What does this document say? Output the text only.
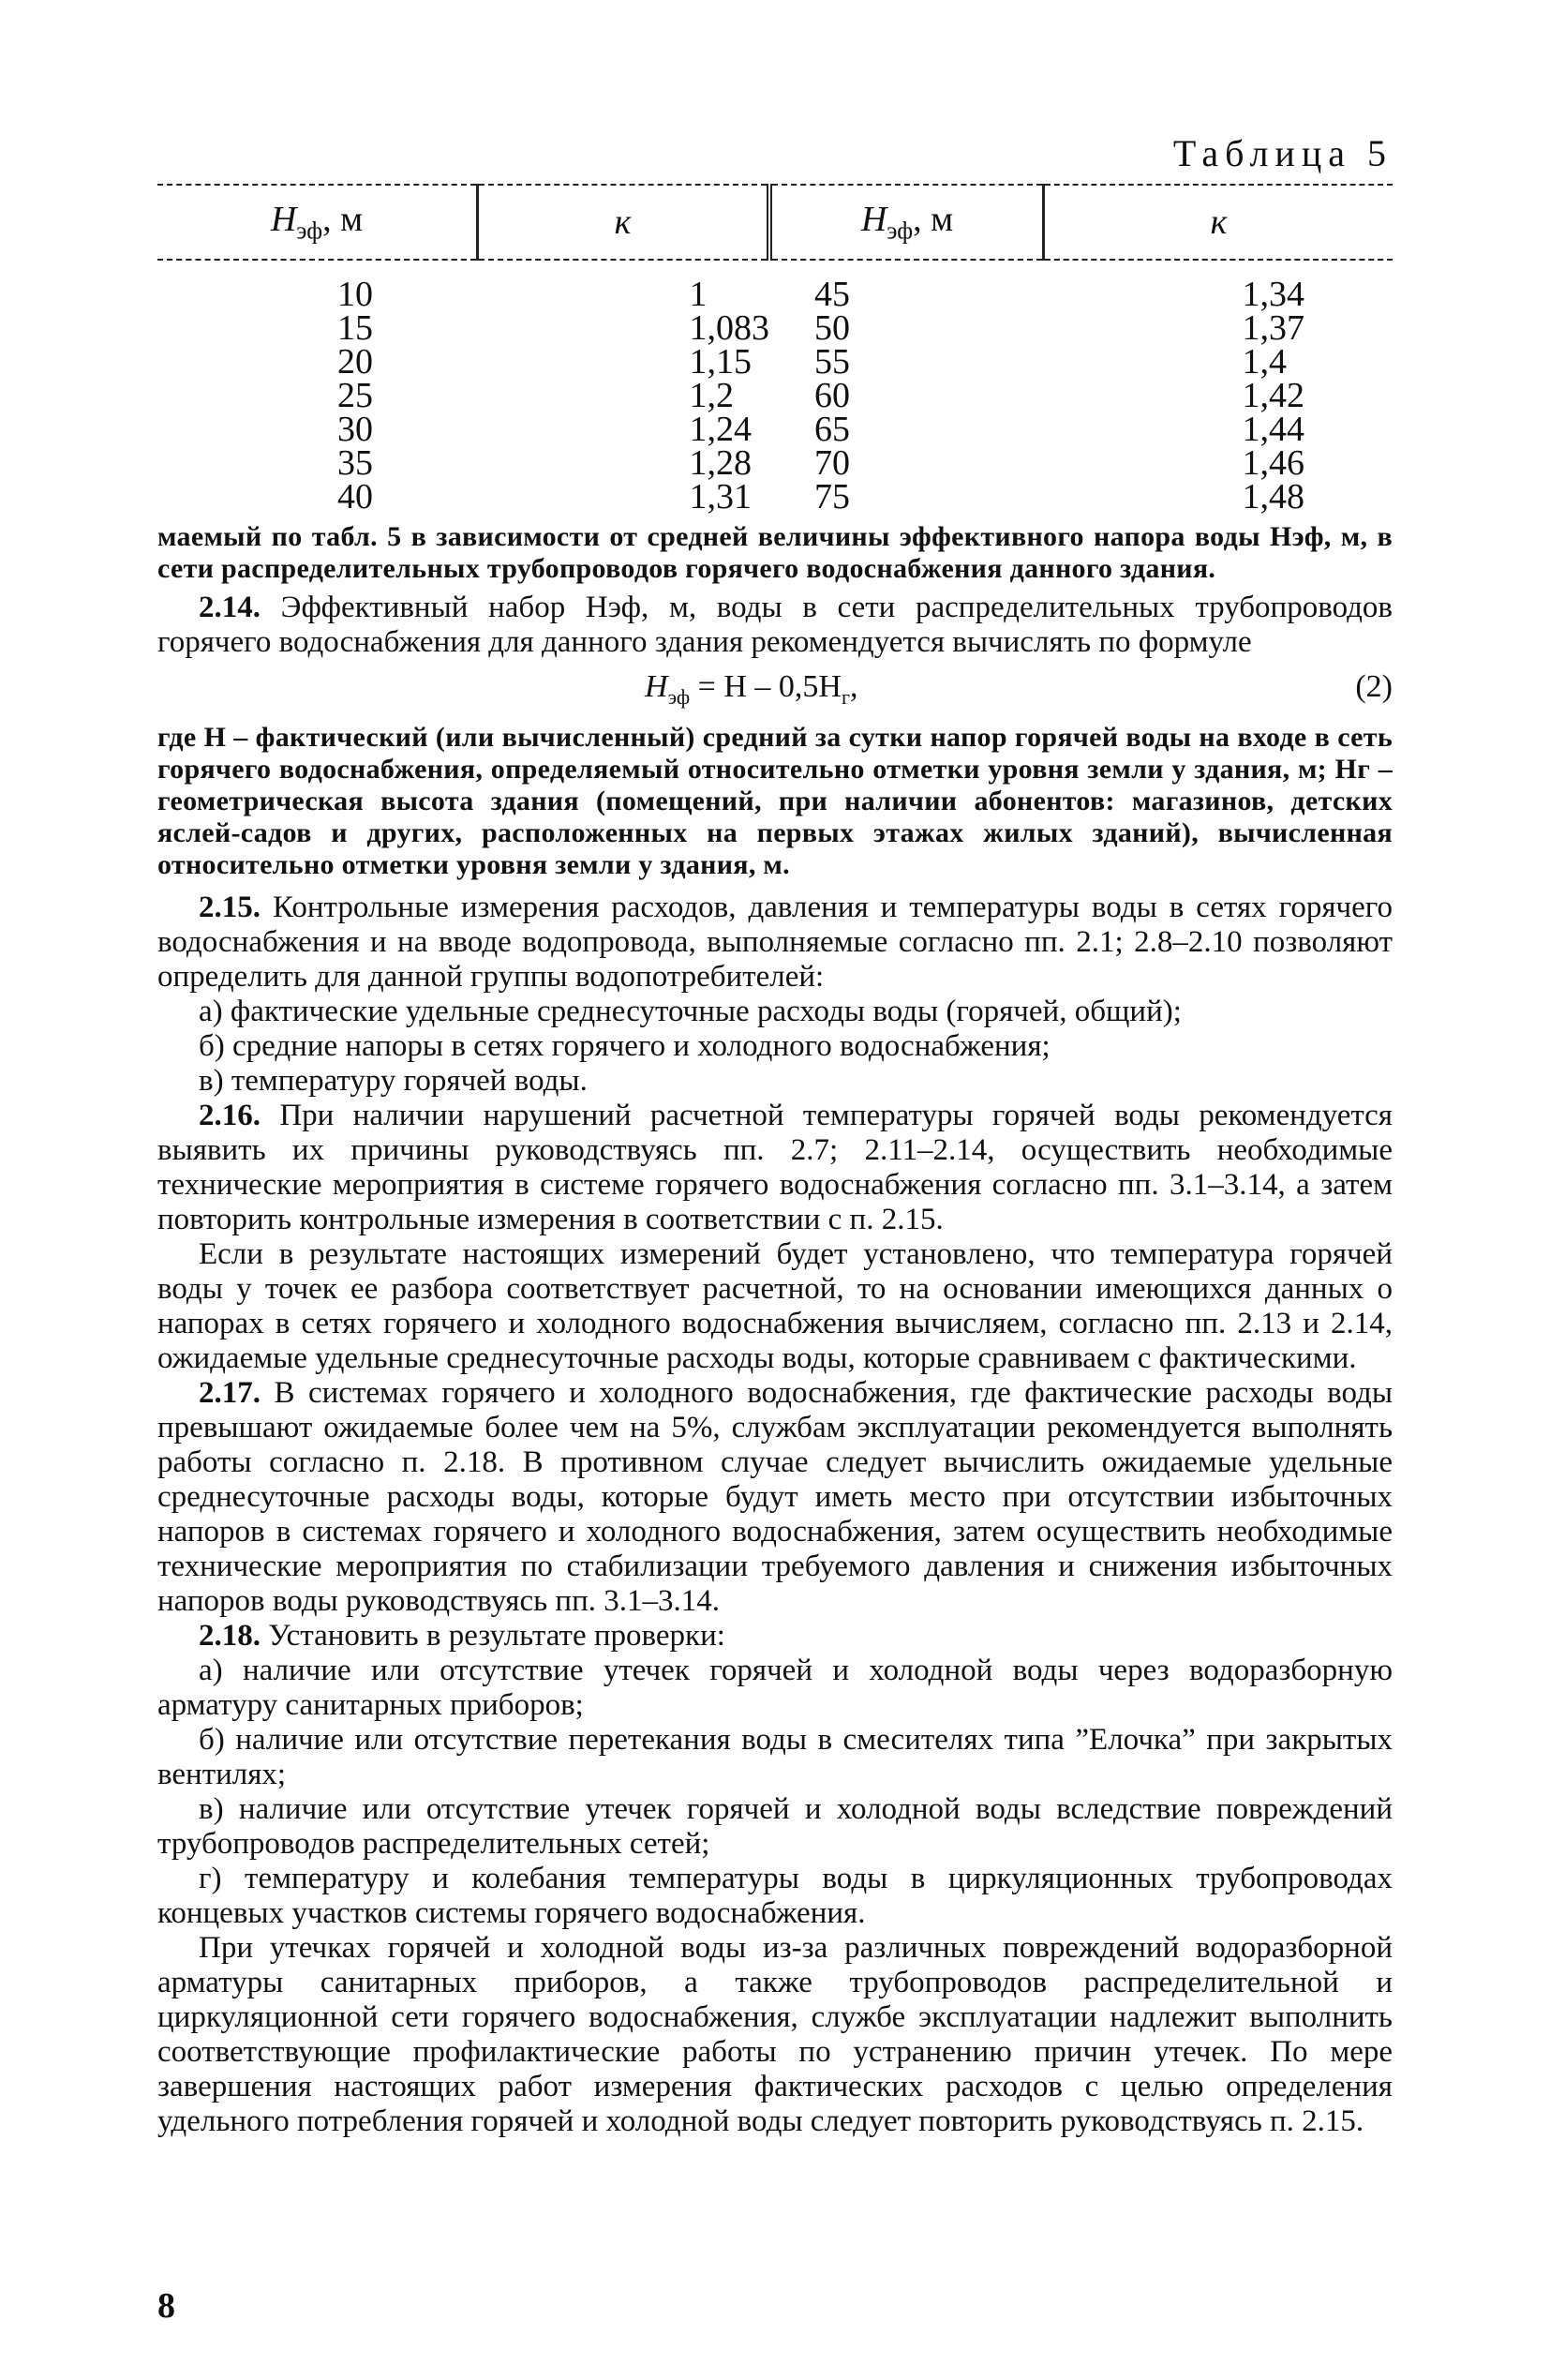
Таблица 5
$H_{эф}$, м	к	$H_{эф}$, м	к
10	1	45	1,34
15	1,083	50	1,37
20	1,15	55	1,4
25	1,2	60	1,42
30	1,24	65	1,44
35	1,28	70	1,46
40	1,31	75	1,48

маемый по табл. 5 в зависимости от средней величины эффективного напора воды Hэф, м, в сети распределительных трубопроводов горячего водоснабжения данного здания.

2.14. Эффективный набор Hэф, м, воды в сети распределительных трубопроводов горячего водоснабжения для данного здания рекомендуется вычислять по формуле

$H_{эф} = H - 0,5H_г$,	(2)

где H – фактический (или вычисленный) средний за сутки напор горячей воды на входе в сеть горячего водоснабжения, определяемый относительно отметки уровня земли у здания, м; Hг – геометрическая высота здания (помещений, при наличии абонентов: магазинов, детских яслей-садов и других, расположенных на первых этажах жилых зданий), вычисленная относительно отметки уровня земли у здания, м.

2.15. Контрольные измерения расходов, давления и температуры воды в сетях горячего водоснабжения и на вводе водопровода, выполняемые согласно пп. 2.1; 2.8–2.10 позволяют определить для данной группы водопотребителей:

а) фактические удельные среднесуточные расходы воды (горячей, общий);

б) средние напоры в сетях горячего и холодного водоснабжения;

в) температуру горячей воды.

2.16. При наличии нарушений расчетной температуры горячей воды рекомендуется выявить их причины руководствуясь пп. 2.7; 2.11–2.14, осуществить необходимые технические мероприятия в системе горячего водоснабжения согласно пп. 3.1–3.14, а затем повторить контрольные измерения в соответствии с п. 2.15.

Если в результате настоящих измерений будет установлено, что температура горячей воды у точек ее разбора соответствует расчетной, то на основании имеющихся данных о напорах в сетях горячего и холодного водоснабжения вычисляем, согласно пп. 2.13 и 2.14, ожидаемые удельные среднесуточные расходы воды, которые сравниваем с фактическими.

2.17. В системах горячего и холодного водоснабжения, где фактические расходы воды превышают ожидаемые более чем на 5%, службам эксплуатации рекомендуется выполнять работы согласно п. 2.18. В противном случае следует вычислить ожидаемые удельные среднесуточные расходы воды, которые будут иметь место при отсутствии избыточных напоров в системах горячего и холодного водоснабжения, затем осуществить необходимые технические мероприятия по стабилизации требуемого давления и снижения избыточных напоров воды руководствуясь пп. 3.1–3.14.

2.18. Установить в результате проверки:

а) наличие или отсутствие утечек горячей и холодной воды через водоразборную арматуру санитарных приборов;

б) наличие или отсутствие перетекания воды в смесителях типа ”Елочка” при закрытых вентилях;

в) наличие или отсутствие утечек горячей и холодной воды вследствие повреждений трубопроводов распределительных сетей;

г) температуру и колебания температуры воды в циркуляционных трубопроводах концевых участков системы горячего водоснабжения.

При утечках горячей и холодной воды из-за различных повреждений водоразборной арматуры санитарных приборов, а также трубопроводов распределительной и циркуляционной сети горячего водоснабжения, службе эксплуатации надлежит выполнить соответствующие профилактические работы по устранению причин утечек. По мере завершения настоящих работ измерения фактических расходов с целью определения удельного потребления горячей и холодной воды следует повторить руководствуясь п. 2.15.

8
